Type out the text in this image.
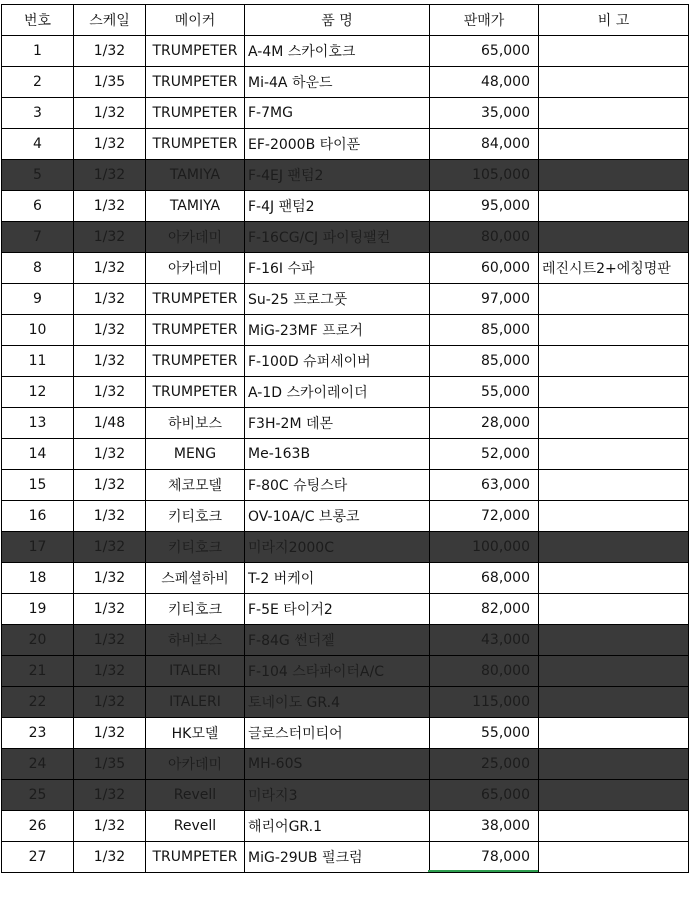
번호	스케일	메이커	품 명	판매가	비 고
1	1/32	TRUMPETER	A-4M 스카이호크	65,000	
2	1/35	TRUMPETER	Mi-4A 하운드	48,000	
3	1/32	TRUMPETER	F-7MG	35,000	
4	1/32	TRUMPETER	EF-2000B 타이푼	84,000	
5	1/32	TAMIYA	F-4EJ 팬텀2	105,000	
6	1/32	TAMIYA	F-4J 팬텀2	95,000	
7	1/32	아카데미	F-16CG/CJ 파이팅팰컨	80,000	
8	1/32	아카데미	F-16I 수파	60,000	레진시트2+에칭명판
9	1/32	TRUMPETER	Su-25 프로그풋	97,000	
10	1/32	TRUMPETER	MiG-23MF 프로거	85,000	
11	1/32	TRUMPETER	F-100D 슈퍼세이버	85,000	
12	1/32	TRUMPETER	A-1D 스카이레이더	55,000	
13	1/48	하비보스	F3H-2M 데몬	28,000	
14	1/32	MENG	Me-163B	52,000	
15	1/32	체코모델	F-80C 슈팅스타	63,000	
16	1/32	키티호크	OV-10A/C 브롱코	72,000	
17	1/32	키티호크	미라지2000C	100,000	
18	1/32	스페셜하비	T-2 버케이	68,000	
19	1/32	키티호크	F-5E 타이거2	82,000	
20	1/32	하비보스	F-84G 썬더젵	43,000	
21	1/32	ITALERI	F-104 스타파이터A/C	80,000	
22	1/32	ITALERI	토네이도 GR.4	115,000	
23	1/32	HK모델	글로스터미티어	55,000	
24	1/35	아카데미	MH-60S	25,000	
25	1/32	Revell	미라지3	65,000	
26	1/32	Revell	해리어GR.1	38,000	
27	1/32	TRUMPETER	MiG-29UB 펄크럼	78,000	
